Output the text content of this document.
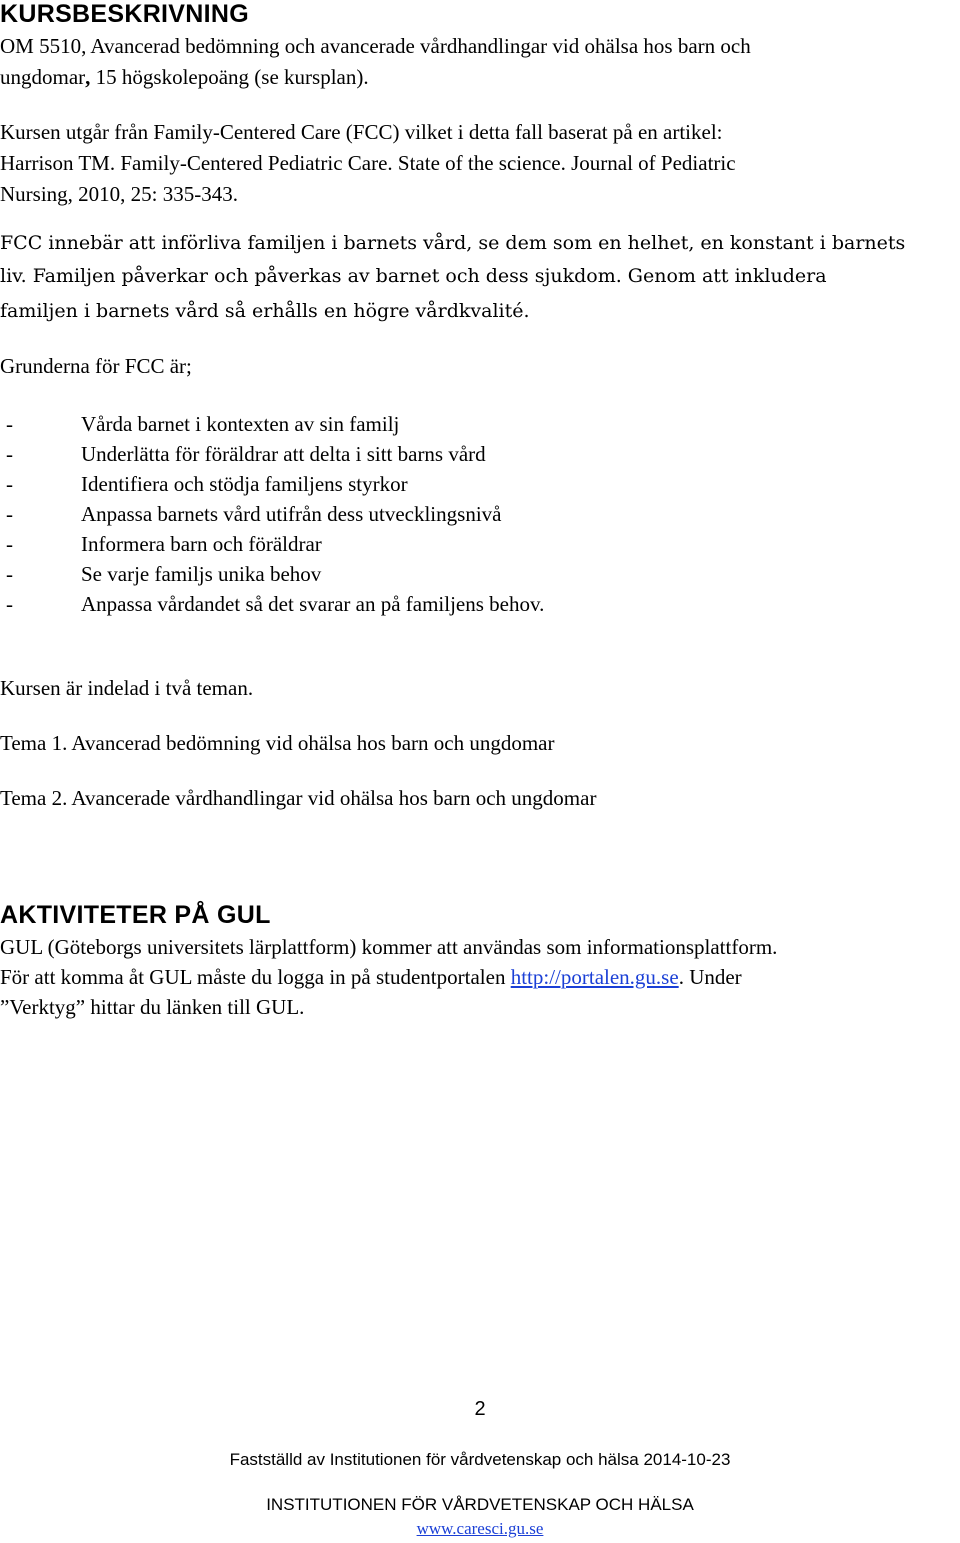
KURSBESKRIVNING
OM 5510, Avancerad bedömning och avancerade vårdhandlingar vid ohälsa hos barn och
ungdomar, 15 högskolepoäng (se kursplan).
Kursen utgår från Family-Centered Care (FCC) vilket i detta fall baserat på en artikel:
Harrison TM. Family-Centered Pediatric Care. State of the science. Journal of Pediatric
Nursing, 2010, 25: 335-343.
FCC innebär att införliva familjen i barnets vård, se dem som en helhet, en konstant i barnets
liv. Familjen påverkar och påverkas av barnet och dess sjukdom. Genom att inkludera
familjen i barnets vård så erhålls en högre vårdkvalité.
Grunderna för FCC är;
-	Vårda barnet i kontexten av sin familj
-	Underlätta för föräldrar att delta i sitt barns vård
-	Identifiera och stödja familjens styrkor
-	Anpassa barnets vård utifrån dess utvecklingsnivå
-	Informera barn och föräldrar
-	Se varje familjs unika behov
-	Anpassa vårdandet så det svarar an på familjens behov.
Kursen är indelad i två teman.
Tema 1. Avancerad bedömning vid ohälsa hos barn och ungdomar
Tema 2. Avancerade vårdhandlingar vid ohälsa hos barn och ungdomar
AKTIVITETER PÅ GUL
GUL (Göteborgs universitets lärplattform) kommer att användas som informationsplattform.
För att komma åt GUL måste du logga in på studentportalen http://portalen.gu.se. Under
”Verktyg” hittar du länken till GUL.
2
Fastställd av Institutionen för vårdvetenskap och hälsa 2014-10-23
INSTITUTIONEN FÖR VÅRDVETENSKAP OCH HÄLSA
www.caresci.gu.se
